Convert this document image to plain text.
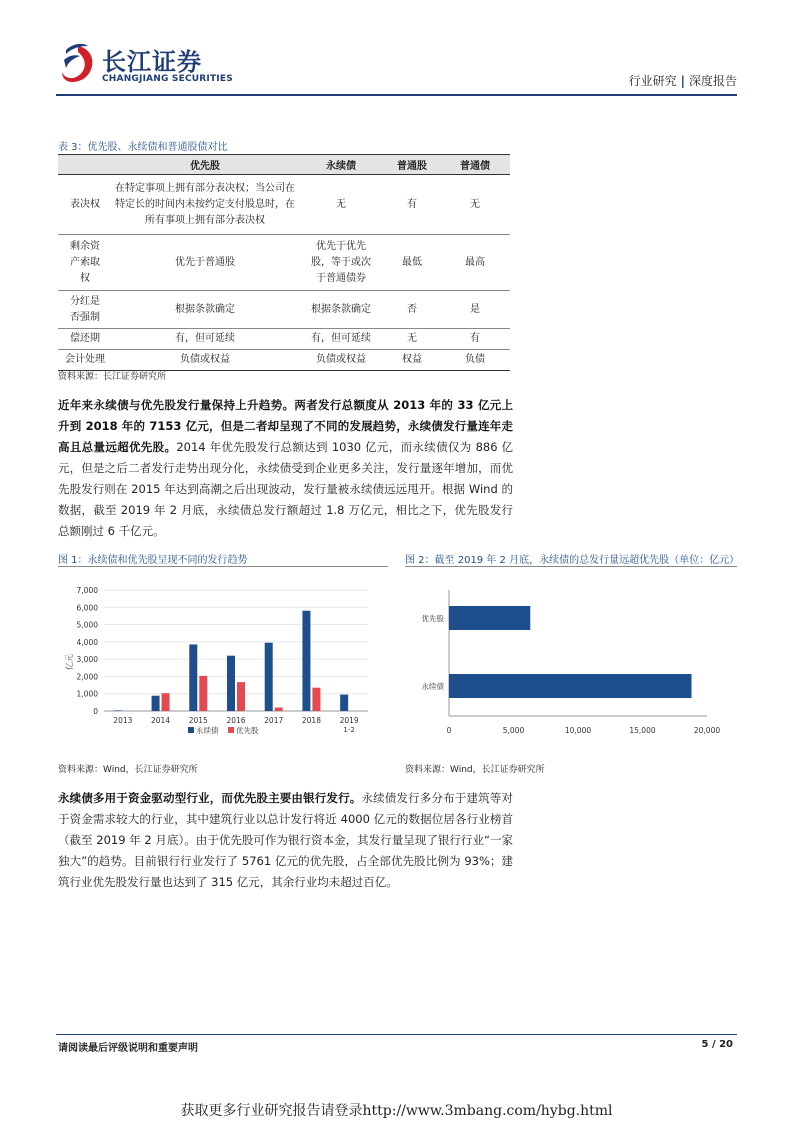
长江证券
CHANGJIANG SECURITIES	行业研究 | 深度报告
表 3：优先股、永续债和普通股债对比
	优先股	永续债	普通股	普通债
表决权	在特定事项上拥有部分表决权；当公司在特定长的时间内未按约定支付股息时，在所有事项上拥有部分表决权	无	有	无
剩余资产索取权	优先于普通股	优先于优先股，等于或次于普通债券	最低	最高
分红是否强制	根据条款确定	根据条款确定	否	是
偿还期	有，但可延续	有，但可延续	无	有
会计处理	负债或权益	负债或权益	权益	负债
资料来源：长江证券研究所
近年来永续债与优先股发行量保持上升趋势。两者发行总额度从 2013 年的 33 亿元上升到 2018 年的 7153 亿元，但是二者却呈现了不同的发展趋势，永续债发行量连年走高且总量远超优先股。2014 年优先股发行总额达到 1030 亿元，而永续债仅为 886 亿元，但是之后二者发行走势出现分化，永续债受到企业更多关注，发行量逐年增加，而优先股发行则在 2015 年达到高潮之后出现波动，发行量被永续债远远甩开。根据 Wind 的数据，截至 2019 年 2 月底，永续债总发行额超过 1.8 万亿元，相比之下，优先股发行总额刚过 6 千亿元。
图 1：永续债和优先股呈现不同的发行趋势
0
1,000
2,000
3,000
4,000
5,000
6,000
7,000
亿元
2013 2014 2015 2016 2017 2018 2019
1-2
永续债 优先股
资料来源：Wind，长江证券研究所
图 2：截至 2019 年 2 月底，永续债的总发行量远超优先股（单位：亿元）
优先股
永续债
0	5,000	10,000	15,000	20,000
资料来源：Wind，长江证券研究所
永续债多用于资金驱动型行业，而优先股主要由银行发行。永续债发行多分布于建筑等对于资金需求较大的行业，其中建筑行业以总计发行将近 4000 亿元的数据位居各行业榜首（截至 2019 年 2 月底）。由于优先股可作为银行资本金，其发行量呈现了银行行业“一家独大”的趋势。目前银行行业发行了 5761 亿元的优先股，占全部优先股比例为 93%；建筑行业优先股发行量也达到了 315 亿元，其余行业均未超过百亿。
请阅读最后评级说明和重要声明	5 / 20
获取更多行业研究报告请登录http://www.3mbang.com/hybg.html
